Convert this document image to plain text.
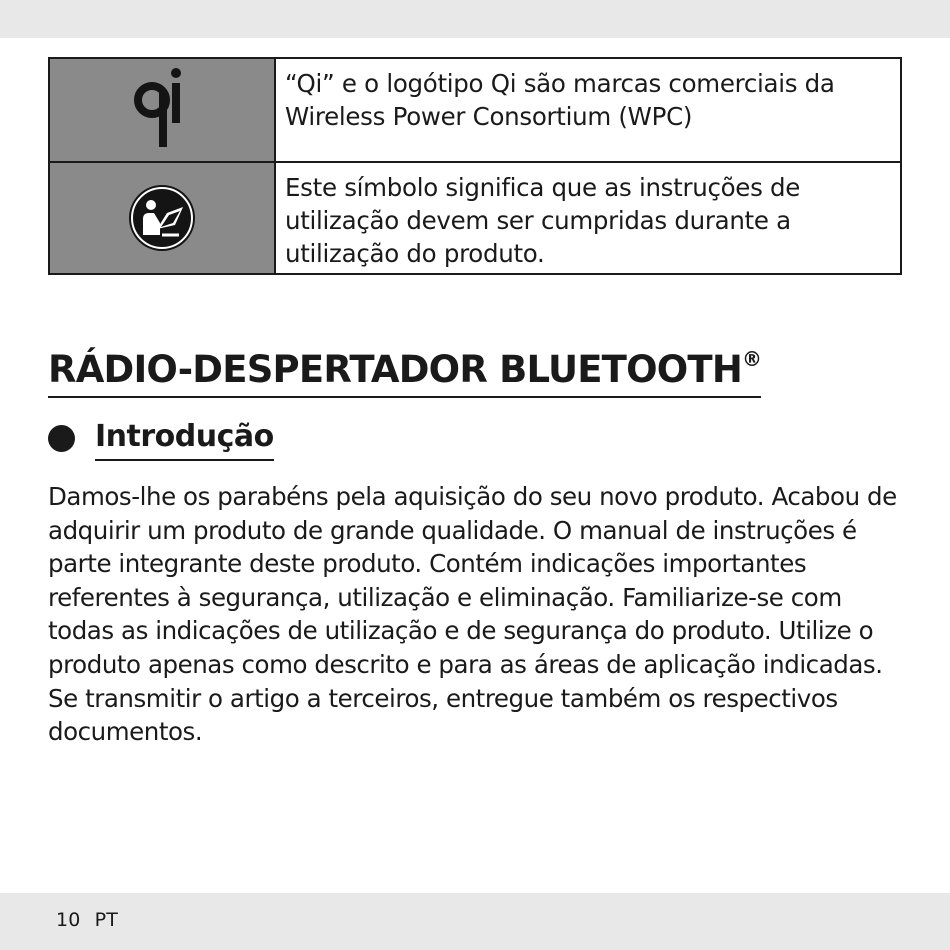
	“Qi” e o logótipo Qi são marcas comerciais da Wireless Power Consortium (WPC)

	Este símbolo significa que as instruções de utilização devem ser cumpridas durante a utilização do produto.
RÁDIO-DESPERTADOR BLUETOOTH®
Introdução

Damos-lhe os parabéns pela aquisição do seu novo produto. Acabou de adquirir um produto de grande qualidade. O manual de instruções é parte integrante deste produto. Contém indicações importantes referentes à segurança, utilização e eliminação. Familiarize-se com todas as indicações de utilização e de segurança do produto. Utilize o produto apenas como descrito e para as áreas de aplicação indicadas. Se transmitir o artigo a terceiros, entregue também os respectivos documentos.

10 PT
